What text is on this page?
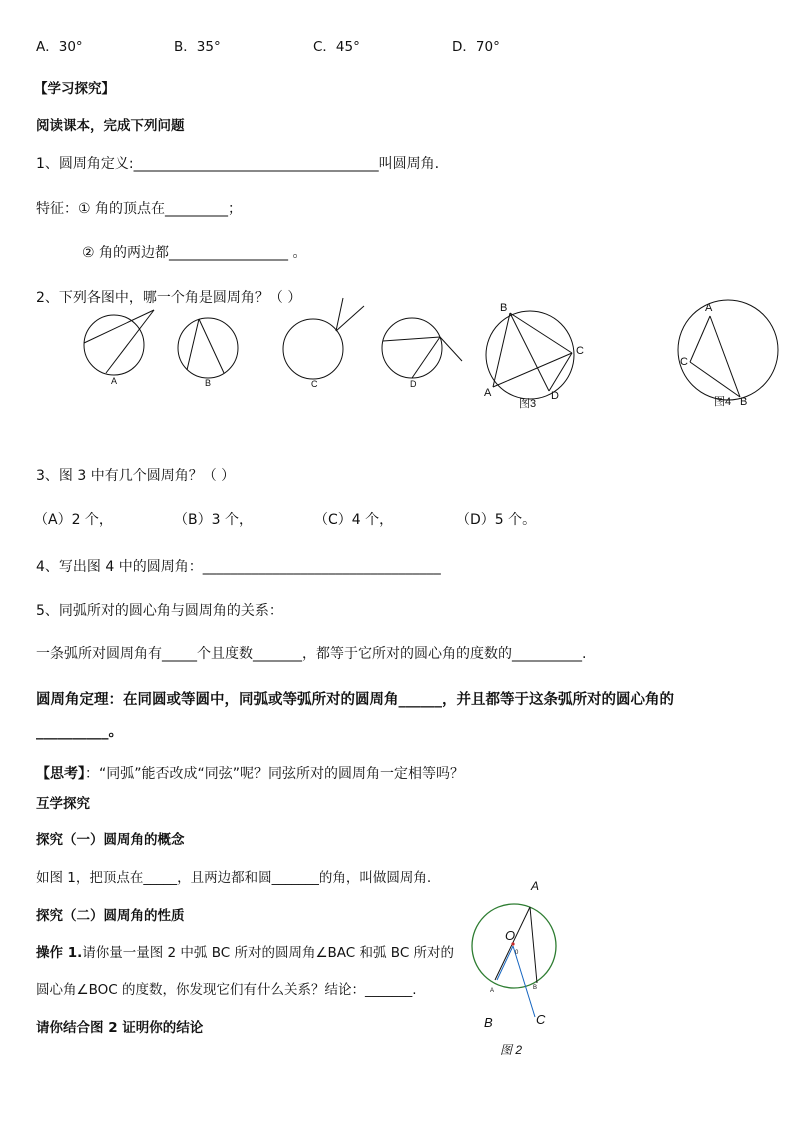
A．30°	B．35°	C．45°	D．70°
【学习探究】
阅读课本，完成下列问题
1、圆周角定义:___________________________________叫圆周角.
特征：① 角的顶点在_________；
② 角的两边都_________________ 。
2、下列各图中，哪一个角是圆周角？（ ）
A	B	C	D
B
C
A	D
图3
A
C
B
图4
3、图 3 中有几个圆周角？（ ）
（A）2 个，	（B）3 个，	（C）4 个，	（D）5 个。
4、写出图 4 中的圆周角：__________________________________
5、同弧所对的圆心角与圆周角的关系：
一条弧所对圆周角有_____个且度数_______，都等于它所对的圆心角的度数的__________.
圆周角定理：在同圆或等圆中，同弧或等弧所对的圆周角______，并且都等于这条弧所对的圆心角的
__________。
【思考】：“同弧”能否改成“同弦”呢？同弦所对的圆周角一定相等吗？
互学探究
探究（一）圆周角的概念
如图 1，把顶点在_____，且两边都和圆_______的角，叫做圆周角.
探究（二）圆周角的性质
操作 1.请你量一量图 2 中弧 BC 所对的圆周角∠BAC 和弧 BC 所对的
圆心角∠BOC 的度数，你发现它们有什么关系？结论：_______.
请你结合图 2 证明你的结论
A
O
B	C
图 2
0
A	B
